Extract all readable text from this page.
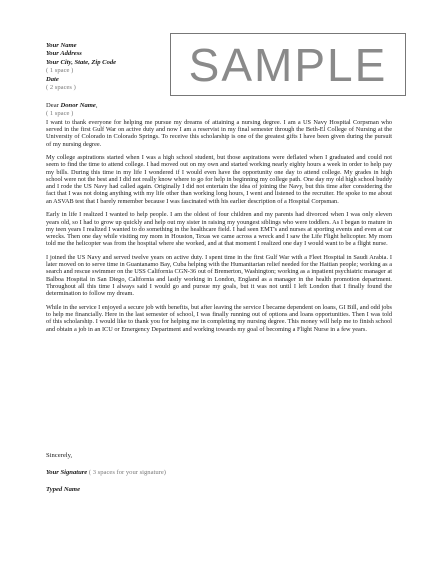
SAMPLE
Your Name
Your Address
Your City, State, Zip Code
( 1 space )
Date
( 2 spaces )
Dear Donor Name,
( 1 space )

I want to thank everyone for helping me pursue my dreams of attaining a nursing degree. I am a US Navy Hospital Corpsman who served in the first Gulf War on active duty and now I am a reservist in my final semester through the Beth-El College of Nursing at the University of Colorado in Colorado Springs. To receive this scholarship is one of the greatest gifts I have been given during the pursuit of my nursing degree.

My college aspirations started when I was a high school student, but those aspirations were deflated when I graduated and could not seem to find the time to attend college. I had moved out on my own and started working nearly eighty hours a week in order to help pay my bills. During this time in my life I wondered if I would even have the opportunity one day to attend college. My grades in high school were not the best and I did not really know where to go for help in beginning my college path. One day my old high school buddy and I rode the US Navy had called again. Originally I did not entertain the idea of joining the Navy, but this time after considering the fact that I was not doing anything with my life other than working long hours, I went and listened to the recruiter. He spoke to me about an ASVAB test that I barely remember because I was fascinated with his earlier description of a Hospital Corpsman.

Early in life I realized I wanted to help people. I am the oldest of four children and my parents had divorced when I was only eleven years old, so I had to grow up quickly and help out my sister in raising my youngest siblings who were toddlers. As I began to mature in my teen years I realized I wanted to do something in the healthcare field. I had seen EMT's and nurses at sporting events and even at car wrecks. Then one day while visiting my mom in Houston, Texas we came across a wreck and I saw the Life Flight helicopter. My mom told me the helicopter was from the hospital where she worked, and at that moment I realized one day I would want to be a flight nurse.

I joined the US Navy and served twelve years on active duty. I spent time in the first Gulf War with a Fleet Hospital in Saudi Arabia. I later moved on to serve time in Guantanamo Bay, Cuba helping with the Humanitarian relief needed for the Haitian people; working as a search and rescue swimmer on the USS California CGN-36 out of Bremerton, Washington; working as a inpatient psychiatric manager at Balboa Hospital in San Diego, California and lastly working in London, England as a manager in the health promotion department. Throughout all this time I always said I would go and pursue my goals, but it was not until I left London that I finally found the determination to follow my dream.

While in the service I enjoyed a secure job with benefits, but after leaving the service I became dependent on loans, GI Bill, and odd jobs to help me financially. Here in the last semester of school, I was finally running out of options and loans opportunities. Then I was told of this scholarship. I would like to thank you for helping me in completing my nursing degree. This money will help me to finish school and obtain a job in an ICU or Emergency Department and working towards my goal of becoming a Flight Nurse in a few years.

Sincerely,
Your Signature ( 3 spaces for your signature)
Typed Name
